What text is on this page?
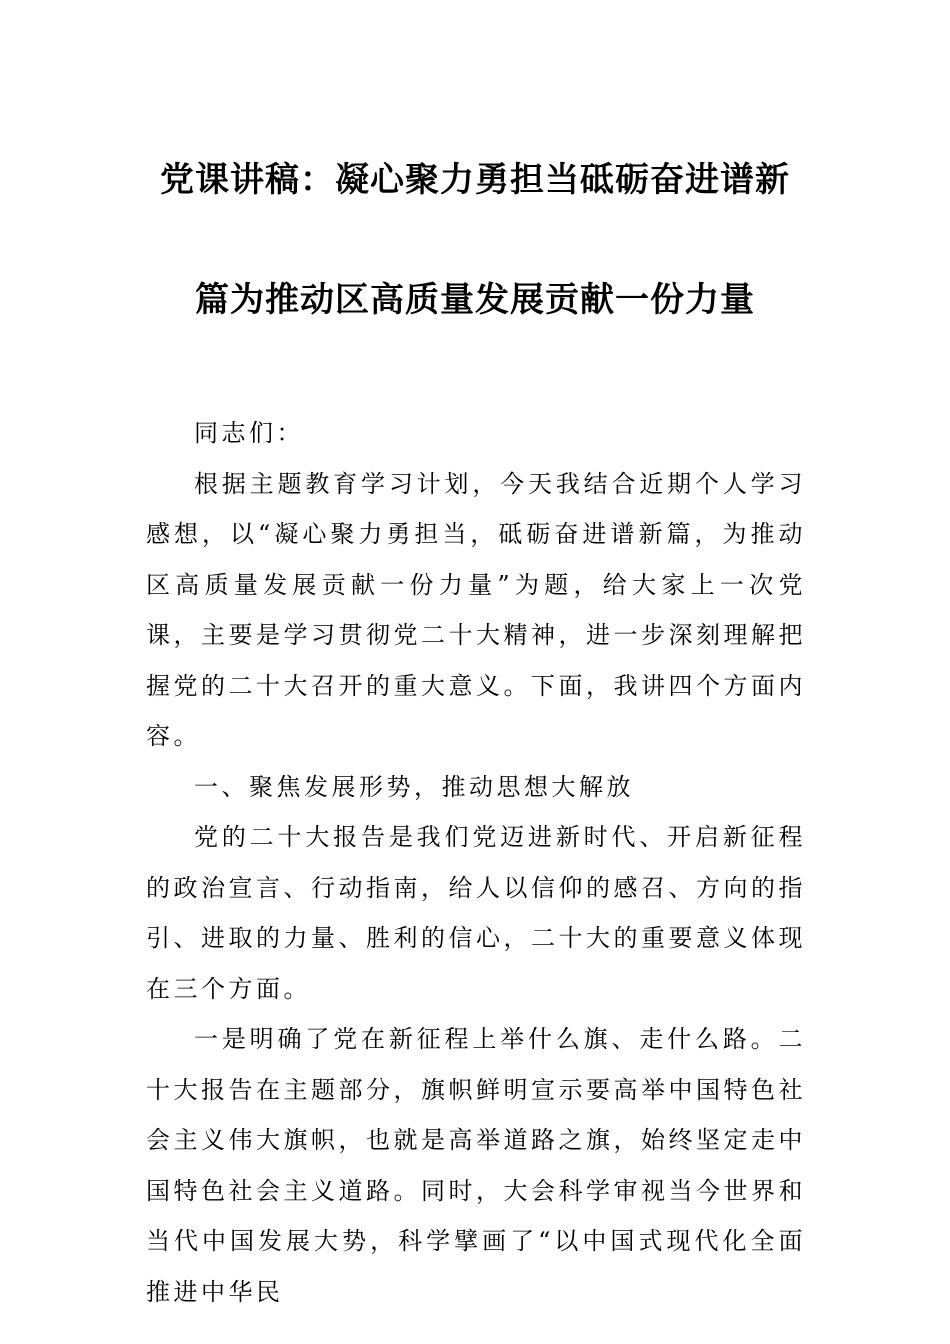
党课讲稿：凝心聚力勇担当砥砺奋进谱新
篇为推动区高质量发展贡献一份力量

同志们：

根据主题教育学习计划，今天我结合近期个人学习感想，以“凝心聚力勇担当，砥砺奋进谱新篇，为推动区高质量发展贡献一份力量”为题，给大家上一次党课，主要是学习贯彻党二十大精神，进一步深刻理解把握党的二十大召开的重大意义。下面，我讲四个方面内容。

一、聚焦发展形势，推动思想大解放

党的二十大报告是我们党迈进新时代、开启新征程的政治宣言、行动指南，给人以信仰的感召、方向的指引、进取的力量、胜利的信心，二十大的重要意义体现在三个方面。

一是明确了党在新征程上举什么旗、走什么路。二十大报告在主题部分，旗帜鲜明宣示要高举中国特色社会主义伟大旗帜，也就是高举道路之旗，始终坚定走中国特色社会主义道路。同时，大会科学审视当今世界和当代中国发展大势，科学擘画了“以中国式现代化全面推进中华民
